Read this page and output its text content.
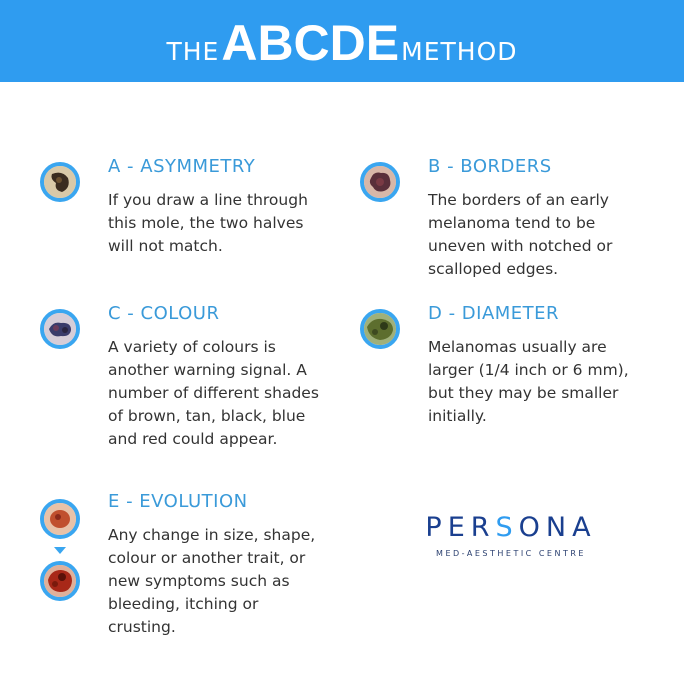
THE ABCDE METHOD
A - ASYMMETRY
If you draw a line through this mole, the two halves will not match.
B - BORDERS
The borders of an early melanoma tend to be uneven with notched or scalloped edges.
C - COLOUR
A variety of colours is another warning signal. A number of different shades of brown, tan, black, blue and red could appear.
D - DIAMETER
Melanomas usually are larger (1/4 inch or 6 mm), but they may be smaller initially.
E - EVOLUTION
Any change in size, shape, colour or another trait, or new symptoms such as bleeding, itching or crusting.
PERSONA
MED-AESTHETIC CENTRE
